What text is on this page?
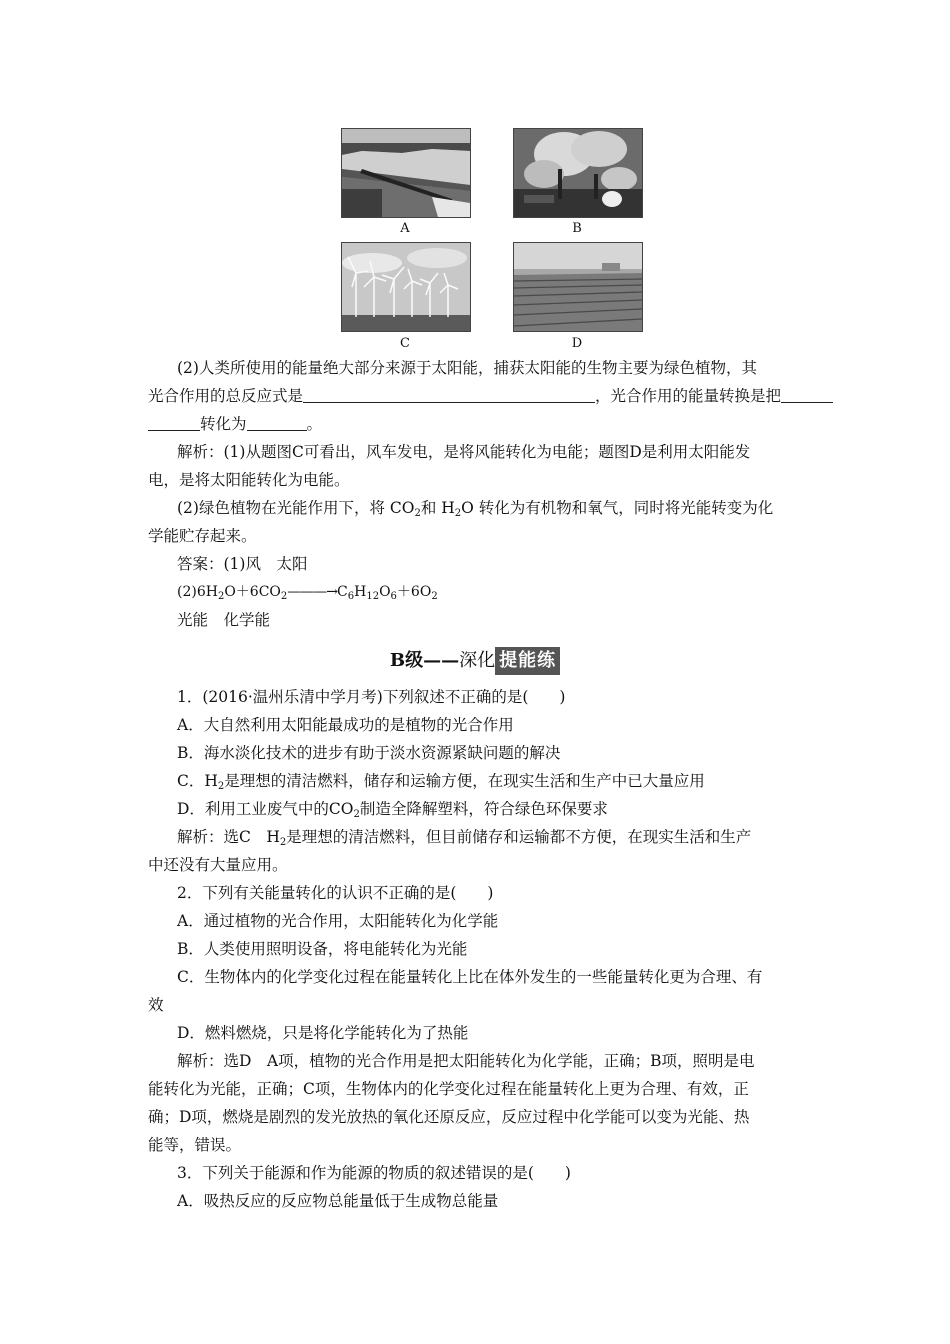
A	B
C	D
(2)人类所使用的能量绝大部分来源于太阳能，捕获太阳能的生物主要为绿色植物，其
光合作用的总反应式是	，光合作用的能量转换是把
转化为	。
解析：(1)从题图C可看出，风车发电，是将风能转化为电能；题图D是利用太阳能发
电，是将太阳能转化为电能。
(2)绿色植物在光能作用下，将 $CO_2$和 $H_2O$ 转化为有机物和氧气，同时将光能转变为化
学能贮存起来。
答案：(1)风　太阳
$(2)6H_2O+6CO_2———\to C_6H_{12}O_6+6O_2$
光能　化学能
B级——深化 提能练
1．(2016·温州乐清中学月考)下列叙述不正确的是(　　)
A．大自然利用太阳能最成功的是植物的光合作用
B．海水淡化技术的进步有助于淡水资源紧缺问题的解决
C．$H_2$是理想的清洁燃料，储存和运输方便，在现实生活和生产中已大量应用
D．利用工业废气中的$CO_2$制造全降解塑料，符合绿色环保要求
解析：选C　$H_2$是理想的清洁燃料，但目前储存和运输都不方便，在现实生活和生产
中还没有大量应用。
2．下列有关能量转化的认识不正确的是(　　)
A．通过植物的光合作用，太阳能转化为化学能
B．人类使用照明设备，将电能转化为光能
C．生物体内的化学变化过程在能量转化上比在体外发生的一些能量转化更为合理、有
效
D．燃料燃烧，只是将化学能转化为了热能
解析：选D　A项，植物的光合作用是把太阳能转化为化学能，正确；B项，照明是电
能转化为光能，正确；C项，生物体内的化学变化过程在能量转化上更为合理、有效，正
确；D项，燃烧是剧烈的发光放热的氧化还原反应，反应过程中化学能可以变为光能、热
能等，错误。
3．下列关于能源和作为能源的物质的叙述错误的是(　　)
A．吸热反应的反应物总能量低于生成物总能量
